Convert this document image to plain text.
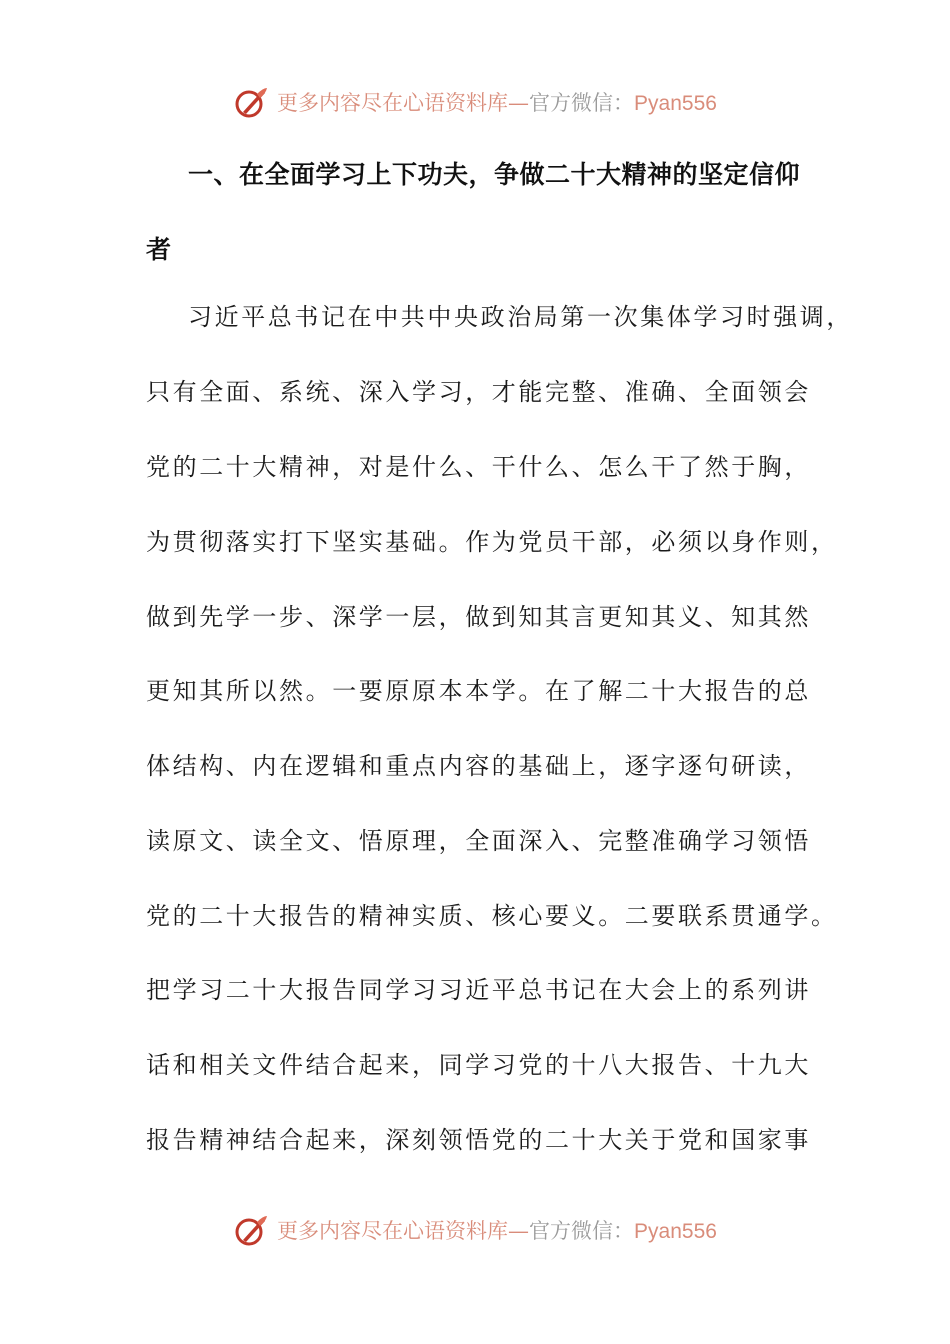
更多内容尽在心语资料库—官方微信：Pyan556
一、在全面学习上下功夫，争做二十大精神的坚定信仰
者
习近平总书记在中共中央政治局第一次集体学习时强调，
只有全面、系统、深入学习，才能完整、准确、全面领会
党的二十大精神，对是什么、干什么、怎么干了然于胸，
为贯彻落实打下坚实基础。作为党员干部，必须以身作则，
做到先学一步、深学一层，做到知其言更知其义、知其然
更知其所以然。一要原原本本学。在了解二十大报告的总
体结构、内在逻辑和重点内容的基础上，逐字逐句研读，
读原文、读全文、悟原理，全面深入、完整准确学习领悟
党的二十大报告的精神实质、核心要义。二要联系贯通学。
把学习二十大报告同学习习近平总书记在大会上的系列讲
话和相关文件结合起来，同学习党的十八大报告、十九大
报告精神结合起来，深刻领悟党的二十大关于党和国家事
更多内容尽在心语资料库—官方微信：Pyan556
